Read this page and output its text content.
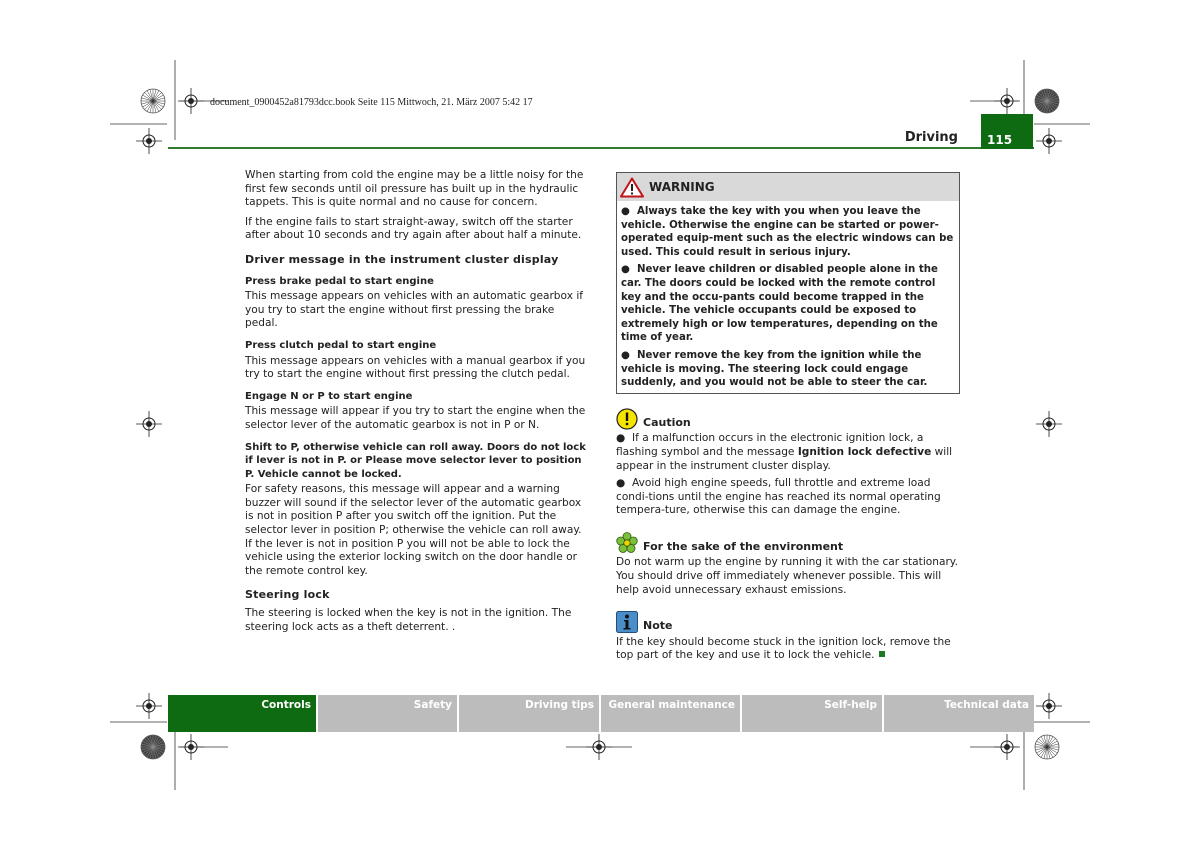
document_0900452a81793dcc.book Seite 115 Mittwoch, 21. März 2007 5:42 17
Driving	115

When starting from cold the engine may be a little noisy for the first few seconds until oil pressure has built up in the hydraulic tappets. This is quite normal and no cause for concern.

If the engine fails to start straight-away, switch off the starter after about 10 seconds and try again after about half a minute.

Driver message in the instrument cluster display
Press brake pedal to start engine

This message appears on vehicles with an automatic gearbox if you try to start the engine without first pressing the brake pedal.

Press clutch pedal to start engine

This message appears on vehicles with a manual gearbox if you try to start the engine without first pressing the clutch pedal.

Engage N or P to start engine

This message will appear if you try to start the engine when the selector lever of the automatic gearbox is not in P or N.

Shift to P, otherwise vehicle can roll away. Doors do not lock if lever is not in P. or Please move selector lever to position P. Vehicle cannot be locked.

For safety reasons, this message will appear and a warning buzzer will sound if the selector lever of the automatic gearbox is not in position P after you switch off the ignition. Put the selector lever in position P; otherwise the vehicle can roll away. If the lever is not in position P you will not be able to lock the vehicle using the exterior locking switch on the door handle or the remote control key.

Steering lock

The steering is locked when the key is not in the ignition. The steering lock acts as a theft deterrent. .

WARNING

●  Always take the key with you when you leave the vehicle. Otherwise the engine can be started or power-operated equip-ment such as the electric windows can be used. This could result in serious injury.

●  Never leave children or disabled people alone in the car. The doors could be locked with the remote control key and the occu-pants could become trapped in the vehicle. The vehicle occupants could be exposed to extremely high or low temperatures, depending on the time of year.

●  Never remove the key from the ignition while the vehicle is moving. The steering lock could engage suddenly, and you would not be able to steer the car.

Caution

●  If a malfunction occurs in the electronic ignition lock, a flashing symbol and the message Ignition lock defective will appear in the instrument cluster display.

●  Avoid high engine speeds, full throttle and extreme load condi-tions until the engine has reached its normal operating tempera-ture, otherwise this can damage the engine.

For the sake of the environment

Do not warm up the engine by running it with the car stationary. You should drive off immediately whenever possible. This will help avoid unnecessary exhaust emissions.

Note

If the key should become stuck in the ignition lock, remove the top part of the key and use it to lock the vehicle.

Controls	Safety	Driving tips	General maintenance	Self-help	Technical data
